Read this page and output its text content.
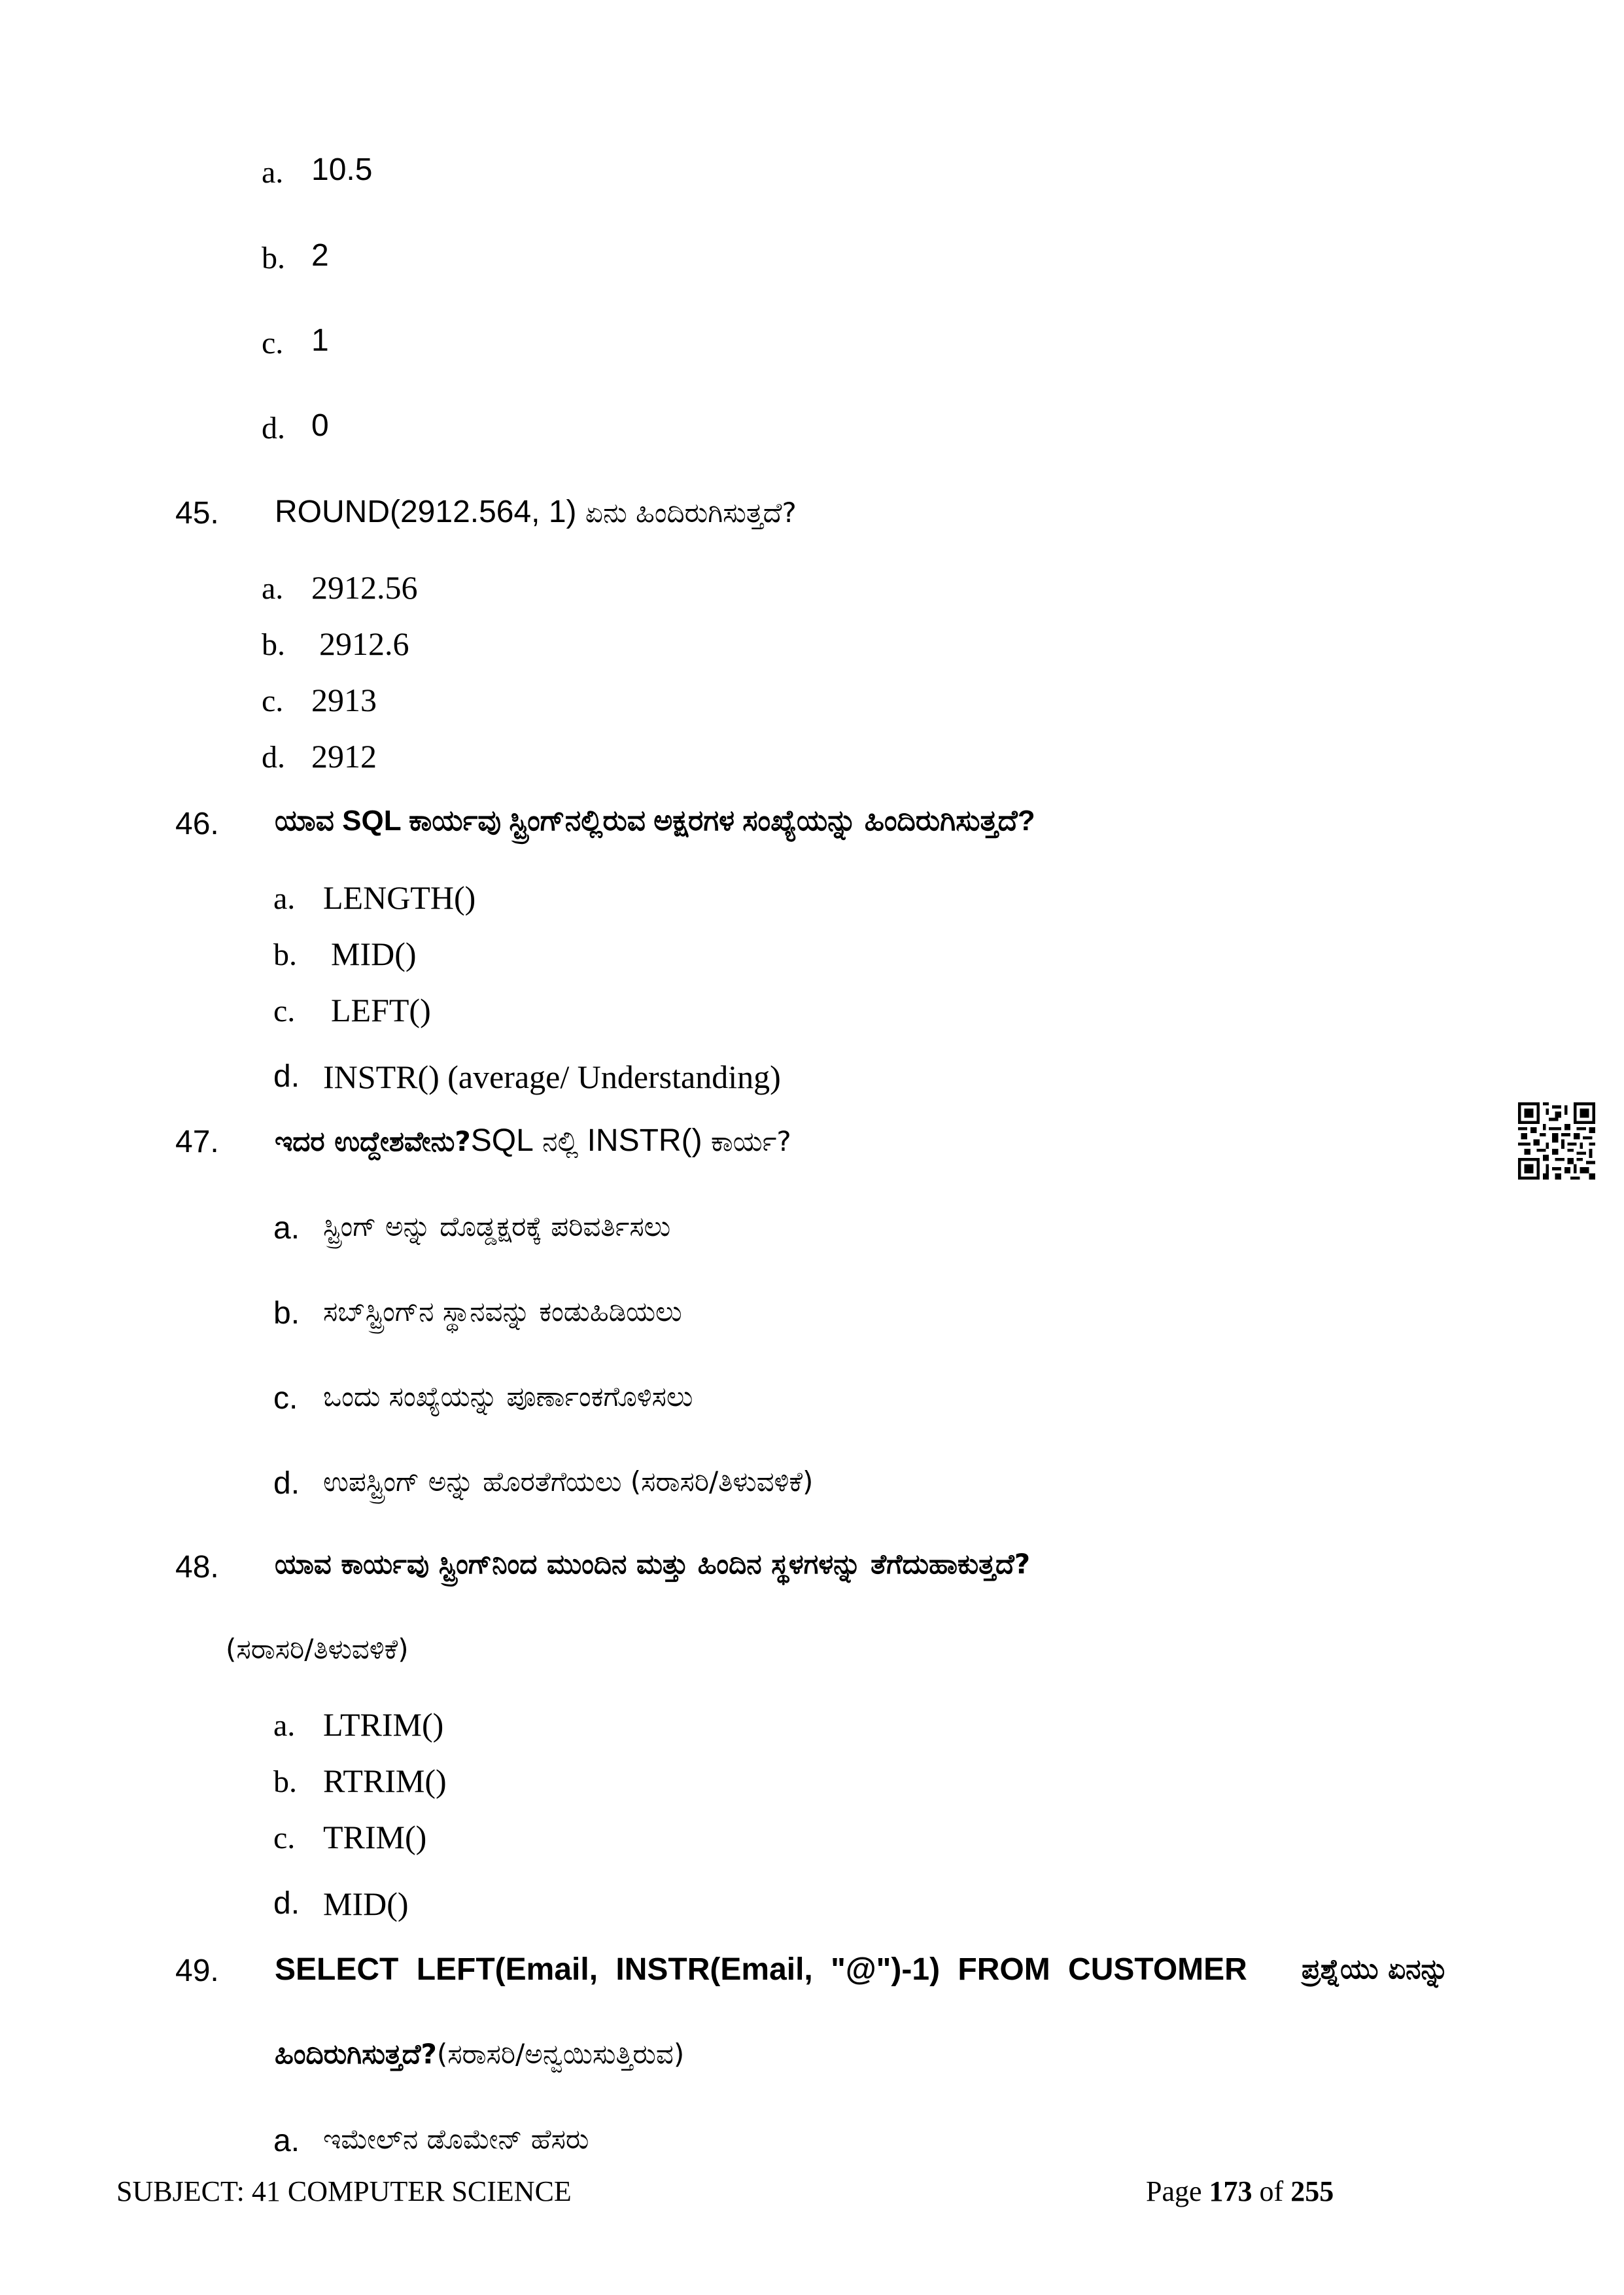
a. 10.5
b. 2
c. 1
d. 0
45. ROUND(2912.564, 1) ಏನು ಹಿಂದಿರುಗಿಸುತ್ತದೆ?
a. 2912.56
b. 2912.6
c. 2913
d. 2912
46. ಯಾವ SQL ಕಾರ್ಯವು ಸ್ಟ್ರಿಂಗ್‌ನಲ್ಲಿರುವ ಅಕ್ಷರಗಳ ಸಂಖ್ಯೆಯನ್ನು ಹಿಂದಿರುಗಿಸುತ್ತದೆ?
a. LENGTH()
b. MID()
c. LEFT()
d. INSTR() (average/ Understanding)
47. ಇದರ ಉದ್ದೇಶವೇನು?SQL ನಲ್ಲಿ INSTR() ಕಾರ್ಯ?
a. ಸ್ಟ್ರಿಂಗ್ ಅನ್ನು ದೊಡ್ಡಕ್ಷರಕ್ಕೆ ಪರಿವರ್ತಿಸಲು
b. ಸಬ್‌ಸ್ಟ್ರಿಂಗ್‌ನ ಸ್ಥಾನವನ್ನು ಕಂಡುಹಿಡಿಯಲು
c. ಒಂದು ಸಂಖ್ಯೆಯನ್ನು ಪೂರ್ಣಾಂಕಗೊಳಿಸಲು
d. ಉಪಸ್ಟ್ರಿಂಗ್ ಅನ್ನು ಹೊರತೆಗೆಯಲು (ಸರಾಸರಿ/ತಿಳುವಳಿಕೆ)
48. ಯಾವ ಕಾರ್ಯವು ಸ್ಟ್ರಿಂಗ್‌ನಿಂದ ಮುಂದಿನ ಮತ್ತು ಹಿಂದಿನ ಸ್ಥಳಗಳನ್ನು ತೆಗೆದುಹಾಕುತ್ತದೆ?
(ಸರಾಸರಿ/ತಿಳುವಳಿಕೆ)
a. LTRIM()
b. RTRIM()
c. TRIM()
d. MID()
49. SELECT LEFT(Email, INSTR(Email, "@")-1) FROM CUSTOMER ಪ್ರಶ್ನೆಯು ಏನನ್ನು
ಹಿಂದಿರುಗಿಸುತ್ತದೆ?(ಸರಾಸರಿ/ಅನ್ವಯಿಸುತ್ತಿರುವ)
a. ಇಮೇಲ್‌ನ ಡೊಮೇನ್ ಹೆಸರು
SUBJECT: 41 COMPUTER SCIENCE	Page 173 of 255
